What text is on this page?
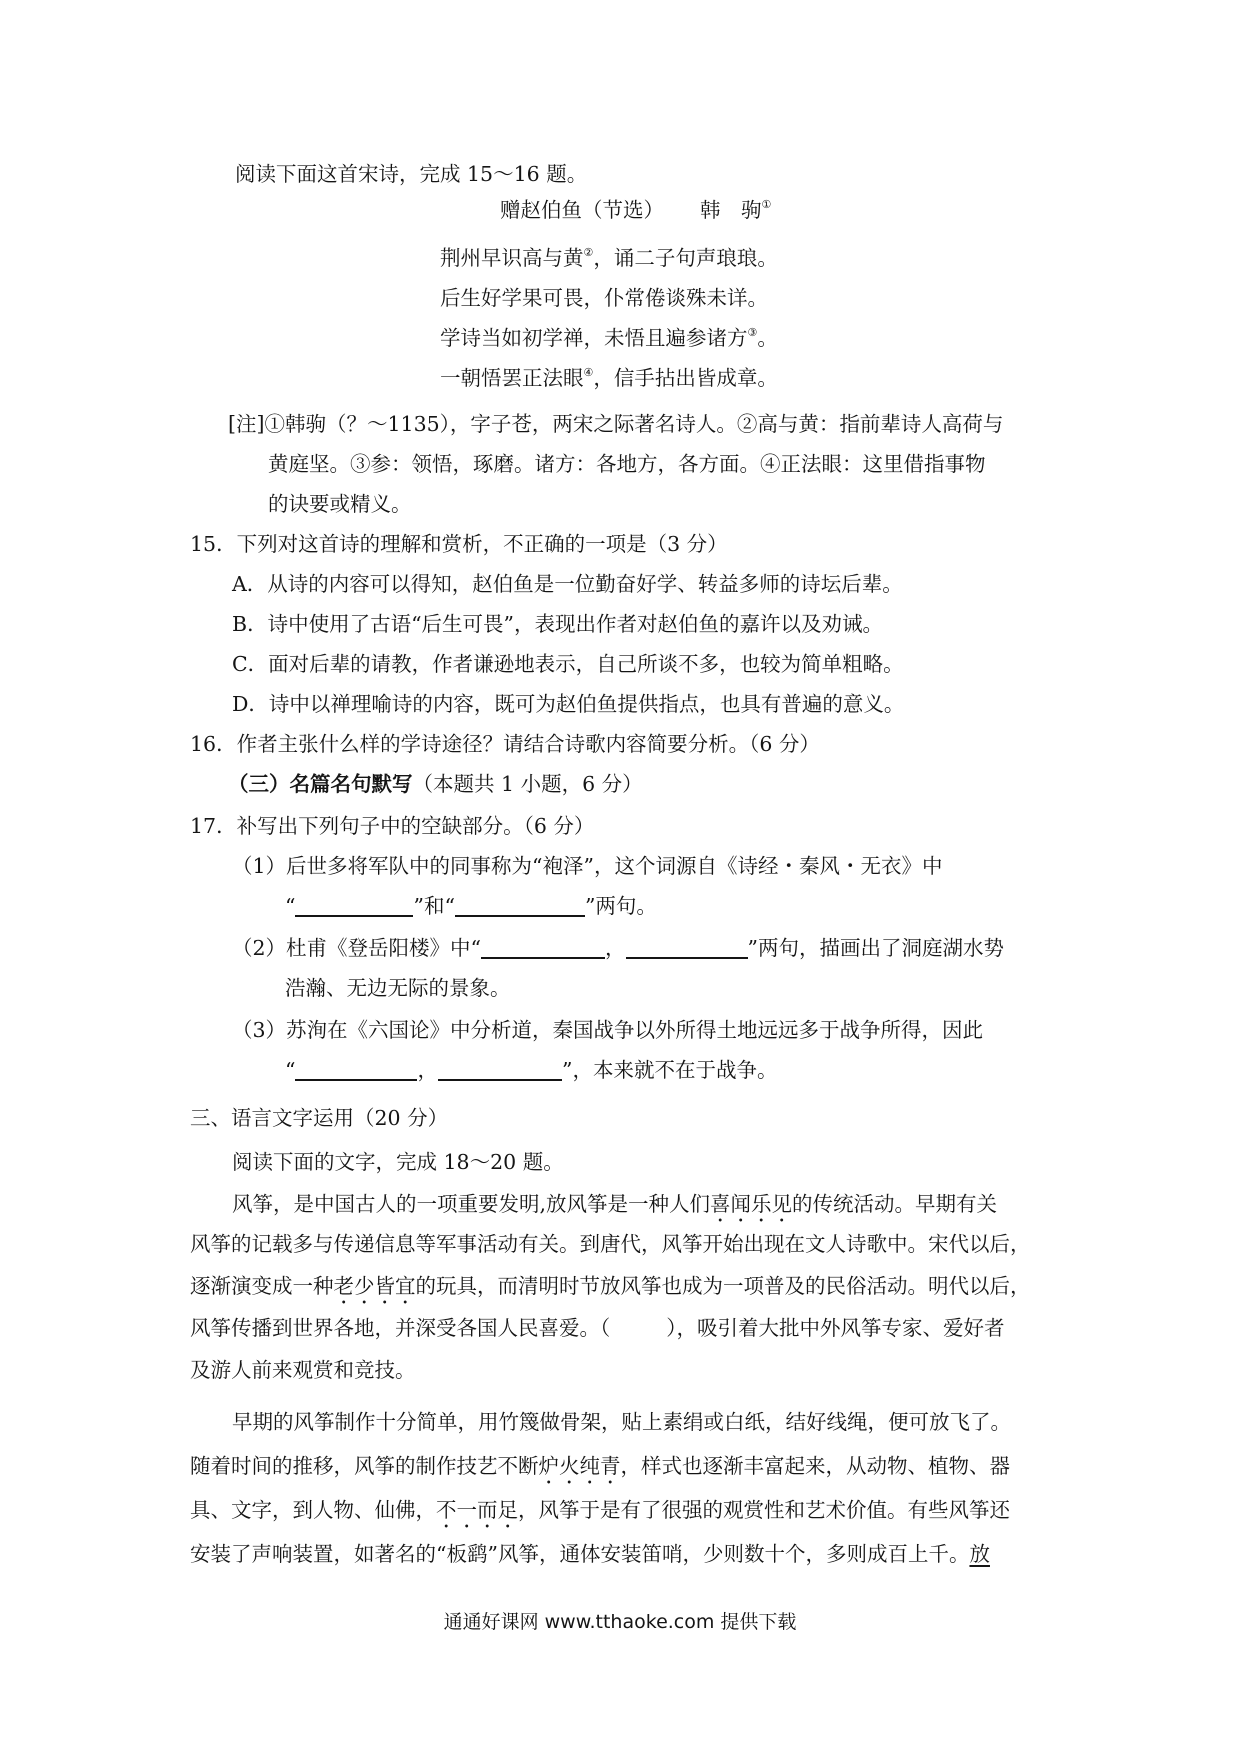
阅读下面这首宋诗，完成 15～16 题。
赠赵伯鱼（节选） 韩　驹①
荆州早识高与黄②，诵二子句声琅琅。
后生好学果可畏，仆常倦谈殊未详。
学诗当如初学禅，未悟且遍参诸方③。
一朝悟罢正法眼④，信手拈出皆成章。
[注]①韩驹（？～1135），字子苍，两宋之际著名诗人。②高与黄：指前辈诗人高荷与
黄庭坚。③参：领悟，琢磨。诸方：各地方，各方面。④正法眼：这里借指事物
的诀要或精义。
15．下列对这首诗的理解和赏析，不正确的一项是（3 分）
A．从诗的内容可以得知，赵伯鱼是一位勤奋好学、转益多师的诗坛后辈。
B．诗中使用了古语“后生可畏”，表现出作者对赵伯鱼的嘉许以及劝诫。
C．面对后辈的请教，作者谦逊地表示，自己所谈不多，也较为简单粗略。
D．诗中以禅理喻诗的内容，既可为赵伯鱼提供指点，也具有普遍的意义。
16．作者主张什么样的学诗途径？请结合诗歌内容简要分析。（6 分）
（三）名篇名句默写（本题共 1 小题，6 分）
17．补写出下列句子中的空缺部分。（6 分）
（1）后世多将军队中的同事称为“袍泽”，这个词源自《诗经・秦风・无衣》中
“	”和“	”两句。
（2）杜甫《登岳阳楼》中“	，	”两句，描画出了洞庭湖水势
浩瀚、无边无际的景象。
（3）苏洵在《六国论》中分析道，秦国战争以外所得土地远远多于战争所得，因此
“	，	”，本来就不在于战争。
三、语言文字运用（20 分）
阅读下面的文字，完成 18～20 题。
风筝，是中国古人的一项重要发明,放风筝是一种人们喜闻乐见的传统活动。早期有关
风筝的记载多与传递信息等军事活动有关。到唐代，风筝开始出现在文人诗歌中。宋代以后，
逐渐演变成一种老少皆宜的玩具，而清明时节放风筝也成为一项普及的民俗活动。明代以后，
风筝传播到世界各地，并深受各国人民喜爱。（	），吸引着大批中外风筝专家、爱好者
及游人前来观赏和竞技。
早期的风筝制作十分简单，用竹篾做骨架，贴上素绢或白纸，结好线绳，便可放飞了。
随着时间的推移，风筝的制作技艺不断炉火纯青，样式也逐渐丰富起来，从动物、植物、器
具、文字，到人物、仙佛，不一而足，风筝于是有了很强的观赏性和艺术价值。有些风筝还
安装了声响装置，如著名的“板鹞”风筝，通体安装笛哨，少则数十个，多则成百上千。放
通通好课网 www.tthaoke.com 提供下载
